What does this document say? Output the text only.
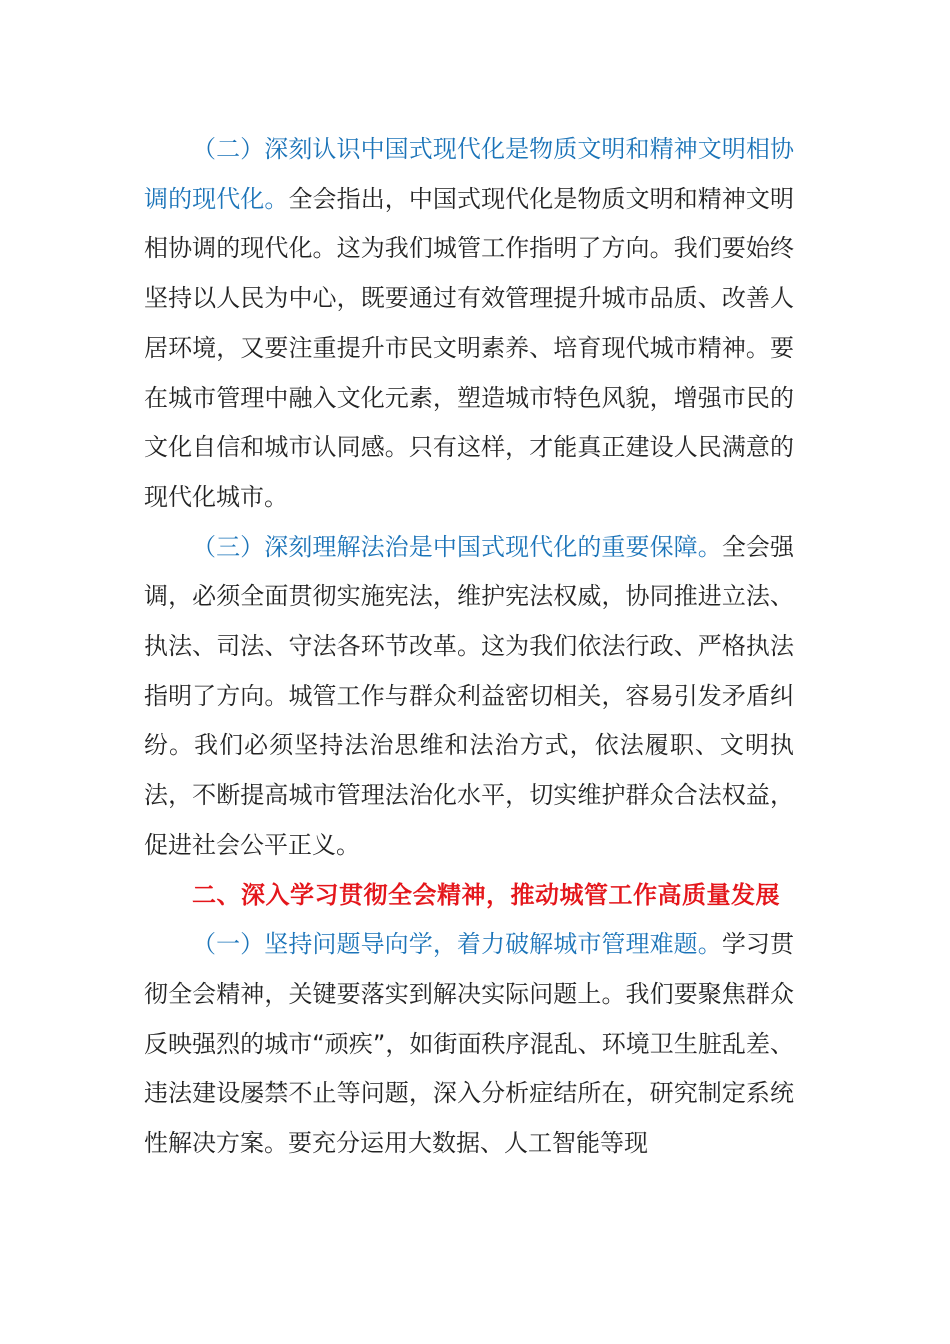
（二）深刻认识中国式现代化是物质文明和精神文明相协调的现代化。全会指出，中国式现代化是物质文明和精神文明相协调的现代化。这为我们城管工作指明了方向。我们要始终坚持以人民为中心，既要通过有效管理提升城市品质、改善人居环境，又要注重提升市民文明素养、培育现代城市精神。要在城市管理中融入文化元素，塑造城市特色风貌，增强市民的文化自信和城市认同感。只有这样，才能真正建设人民满意的现代化城市。

（三）深刻理解法治是中国式现代化的重要保障。全会强调，必须全面贯彻实施宪法，维护宪法权威，协同推进立法、执法、司法、守法各环节改革。这为我们依法行政、严格执法指明了方向。城管工作与群众利益密切相关，容易引发矛盾纠纷。我们必须坚持法治思维和法治方式，依法履职、文明执法，不断提高城市管理法治化水平，切实维护群众合法权益，促进社会公平正义。

二、深入学习贯彻全会精神，推动城管工作高质量发展

（一）坚持问题导向学，着力破解城市管理难题。学习贯彻全会精神，关键要落实到解决实际问题上。我们要聚焦群众反映强烈的城市“顽疾”，如街面秩序混乱、环境卫生脏乱差、违法建设屡禁不止等问题，深入分析症结所在，研究制定系统性解决方案。要充分运用大数据、人工智能等现
